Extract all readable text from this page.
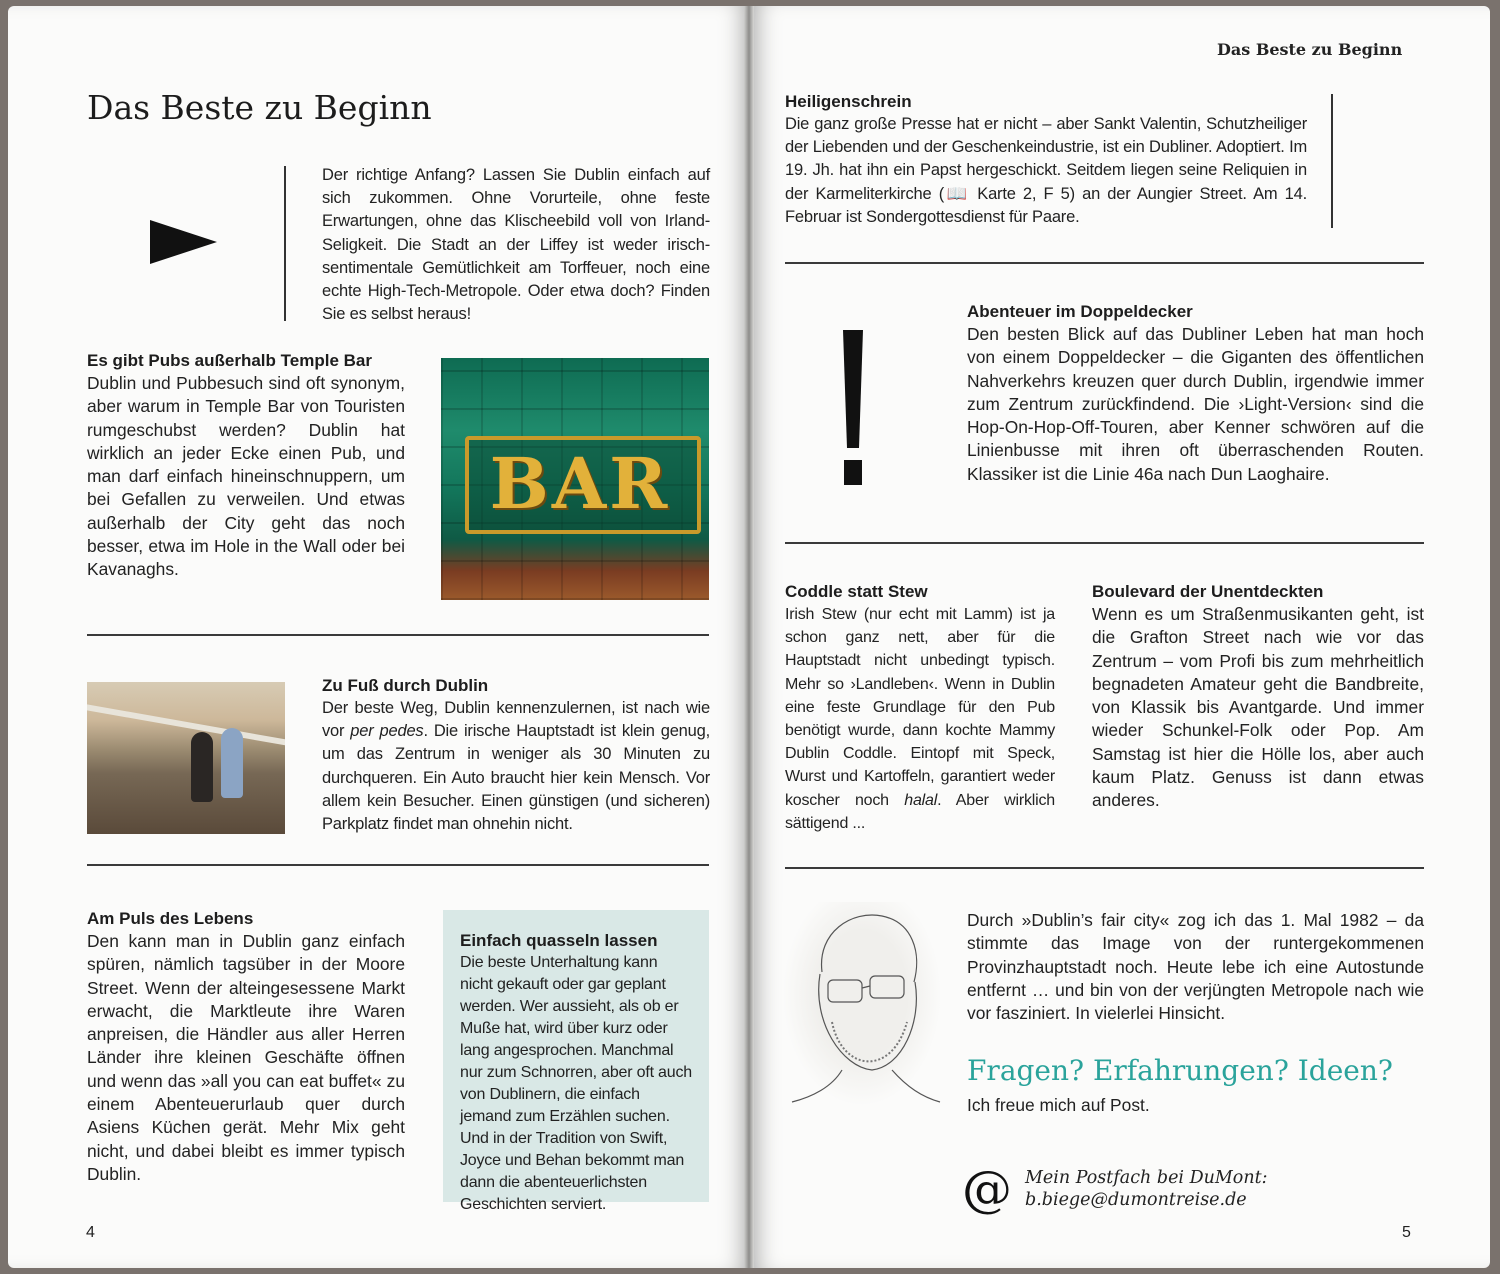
Das Beste zu Beginn
Der richtige Anfang? Lassen Sie Dublin einfach auf sich zukommen. Ohne Vorurteile, ohne feste Erwartungen, ohne das Klischeebild voll von Irland-Seligkeit. Die Stadt an der Liffey ist weder irisch-sentimentale Gemütlichkeit am Torffeuer, noch eine echte High-Tech-Metropole. Oder etwa doch? Finden Sie es selbst heraus!
Es gibt Pubs außerhalb Temple Bar
Dublin und Pubbesuch sind oft synonym, aber warum in Temple Bar von Touristen rumgeschubst werden? Dublin hat wirklich an jeder Ecke einen Pub, und man darf einfach hineinschnuppern, um bei Gefallen zu verweilen. Und etwas außerhalb der City geht das noch besser, etwa im Hole in the Wall oder bei Kavanaghs.
BAR
Zu Fuß durch Dublin
Der beste Weg, Dublin kennenzulernen, ist nach wie vor per pedes. Die irische Hauptstadt ist klein genug, um das Zentrum in weniger als 30 Minuten zu durchqueren. Ein Auto braucht hier kein Mensch. Vor allem kein Besucher. Einen günstigen (und sicheren) Parkplatz findet man ohnehin nicht.
Am Puls des Lebens
Den kann man in Dublin ganz einfach spüren, nämlich tagsüber in der Moore Street. Wenn der alteingesessene Markt erwacht, die Marktleute ihre Waren anpreisen, die Händler aus aller Herren Länder ihre kleinen Geschäfte öffnen und wenn das »all you can eat buffet« zu einem Abenteuerurlaub quer durch Asiens Küchen gerät. Mehr Mix geht nicht, und dabei bleibt es immer typisch Dublin.
Einfach quasseln lassen
Die beste Unterhaltung kann nicht gekauft oder gar geplant werden. Wer aussieht, als ob er Muße hat, wird über kurz oder lang angesprochen. Manchmal nur zum Schnorren, aber oft auch von Dublinern, die einfach jemand zum Erzählen suchen. Und in der Tradition von Swift, Joyce und Behan bekommt man dann die abenteuerlichsten Geschichten serviert.
4
Das Beste zu Beginn
Heiligenschrein
Die ganz große Presse hat er nicht – aber Sankt Valentin, Schutzheiliger der Liebenden und der Geschenkeindustrie, ist ein Dubliner. Adoptiert. Im 19. Jh. hat ihn ein Papst hergeschickt. Seitdem liegen seine Reliquien in der Karmeliterkirche (📖 Karte 2, F 5) an der Aungier Street. Am 14. Februar ist Sondergottesdienst für Paare.
Abenteuer im Doppeldecker
Den besten Blick auf das Dubliner Leben hat man hoch von einem Doppeldecker – die Giganten des öffentlichen Nahverkehrs kreuzen quer durch Dublin, irgendwie immer zum Zentrum zurückfindend. Die ›Light-Version‹ sind die Hop-On-Hop-Off-Touren, aber Kenner schwören auf die Linienbusse mit ihren oft überraschenden Routen. Klassiker ist die Linie 46a nach Dun Laoghaire.
Coddle statt Stew
Irish Stew (nur echt mit Lamm) ist ja schon ganz nett, aber für die Hauptstadt nicht unbedingt typisch. Mehr so ›Landleben‹. Wenn in Dublin eine feste Grundlage für den Pub benötigt wurde, dann kochte Mammy Dublin Coddle. Eintopf mit Speck, Wurst und Kartoffeln, garantiert weder koscher noch halal. Aber wirklich sättigend ...
Boulevard der Unentdeckten
Wenn es um Straßenmusikanten geht, ist die Grafton Street nach wie vor das Zentrum – vom Profi bis zum mehrheitlich begnadeten Amateur geht die Bandbreite, von Klassik bis Avantgarde. Und immer wieder Schunkel-Folk oder Pop. Am Samstag ist hier die Hölle los, aber auch kaum Platz. Genuss ist dann etwas anderes.
Durch »Dublin’s fair city« zog ich das 1. Mal 1982 – da stimmte das Image von der runtergekommenen Provinzhauptstadt noch. Heute lebe ich eine Autostunde entfernt … und bin von der verjüngten Metropole nach wie vor fasziniert. In vielerlei Hinsicht.
Fragen? Erfahrungen? Ideen?
Ich freue mich auf Post.
@ Mein Postfach bei DuMont:
b.biege@dumontreise.de
5
